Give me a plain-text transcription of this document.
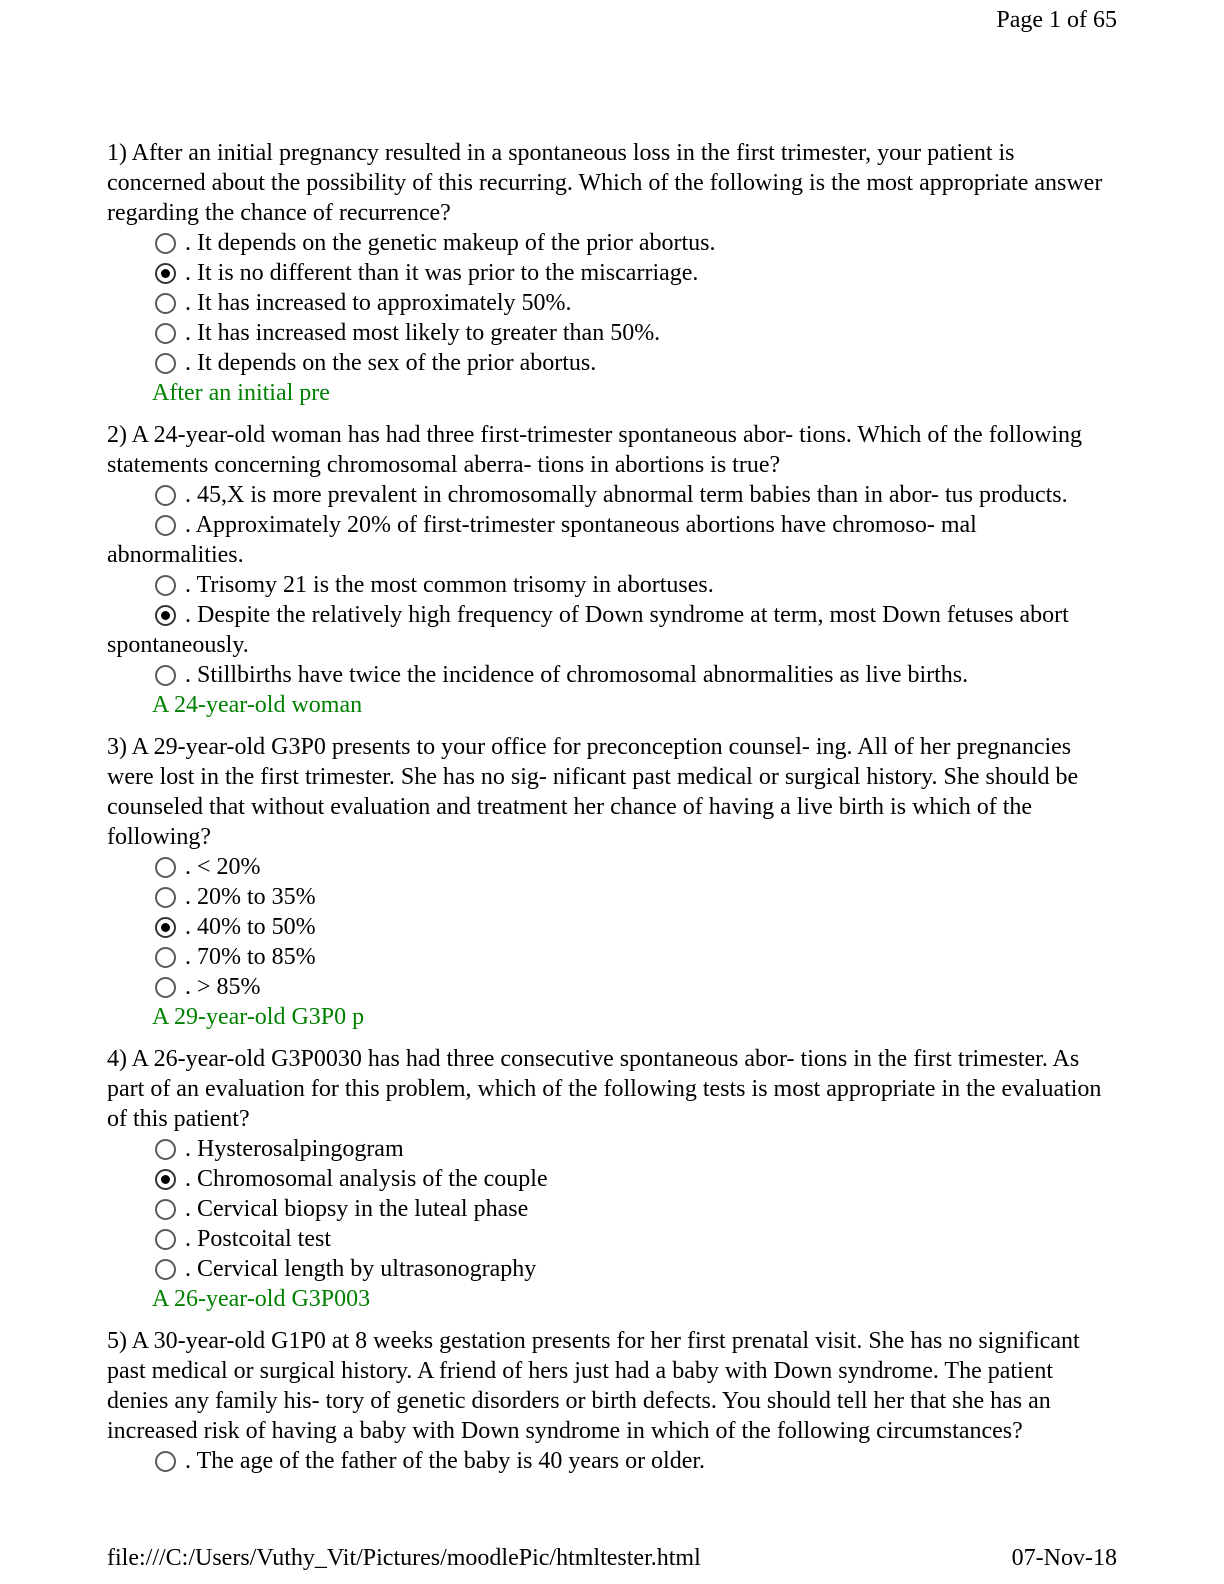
Page 1 of 65
1) After an initial pregnancy resulted in a spontaneous loss in the first trimester, your patient is concerned about the possibility of this recurring. Which of the following is the most appropriate answer regarding the chance of recurrence?
. It depends on the genetic makeup of the prior abortus.
. It is no different than it was prior to the miscarriage.
. It has increased to approximately 50%.
. It has increased most likely to greater than 50%.
. It depends on the sex of the prior abortus.
After an initial pre
2) A 24-year-old woman has had three first-trimester spontaneous abor- tions. Which of the following statements concerning chromosomal aberra- tions in abortions is true?
. 45,X is more prevalent in chromosomally abnormal term babies than in abor- tus products.
. Approximately 20% of first-trimester spontaneous abortions have chromoso- mal abnormalities.
. Trisomy 21 is the most common trisomy in abortuses.
. Despite the relatively high frequency of Down syndrome at term, most Down fetuses abort spontaneously.
. Stillbirths have twice the incidence of chromosomal abnormalities as live births.
A 24-year-old woman
3) A 29-year-old G3P0 presents to your office for preconception counsel- ing. All of her pregnancies were lost in the first trimester. She has no sig- nificant past medical or surgical history. She should be counseled that without evaluation and treatment her chance of having a live birth is which of the following?
. < 20%
. 20% to 35%
. 40% to 50%
. 70% to 85%
. > 85%
A 29-year-old G3P0 p
4) A 26-year-old G3P0030 has had three consecutive spontaneous abor- tions in the first trimester. As part of an evaluation for this problem, which of the following tests is most appropriate in the evaluation of this patient?
. Hysterosalpingogram
. Chromosomal analysis of the couple
. Cervical biopsy in the luteal phase
. Postcoital test
. Cervical length by ultrasonography
A 26-year-old G3P003
5) A 30-year-old G1P0 at 8 weeks gestation presents for her first prenatal visit. She has no significant past medical or surgical history. A friend of hers just had a baby with Down syndrome. The patient denies any family his- tory of genetic disorders or birth defects. You should tell her that she has an increased risk of having a baby with Down syndrome in which of the following circumstances?
. The age of the father of the baby is 40 years or older.
file:///C:/Users/Vuthy_Vit/Pictures/moodlePic/htmltester.html	07-Nov-18
